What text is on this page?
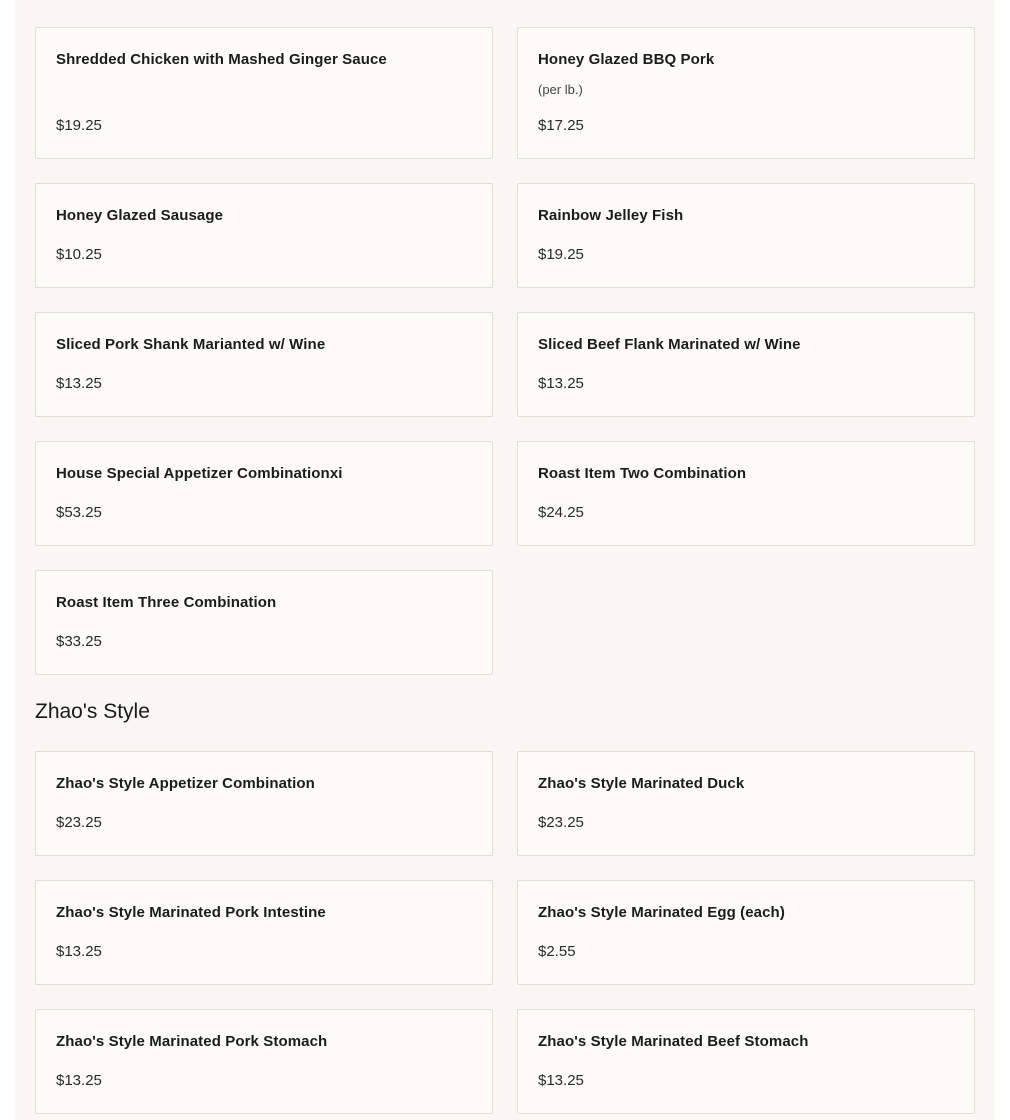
Shredded Chicken with Mashed Ginger Sauce
$19.25
Honey Glazed BBQ Pork
(per lb.)
$17.25
Honey Glazed Sausage
$10.25
Rainbow Jelley Fish
$19.25
Sliced Pork Shank Marianted w/ Wine
$13.25
Sliced Beef Flank Marinated w/ Wine
$13.25
House Special Appetizer Combinationxi
$53.25
Roast Item Two Combination
$24.25
Roast Item Three Combination
$33.25
Zhao's Style
Zhao's Style Appetizer Combination
$23.25
Zhao's Style Marinated Duck
$23.25
Zhao's Style Marinated Pork Intestine
$13.25
Zhao's Style Marinated Egg (each)
$2.55
Zhao's Style Marinated Pork Stomach
$13.25
Zhao's Style Marinated Beef Stomach
$13.25
